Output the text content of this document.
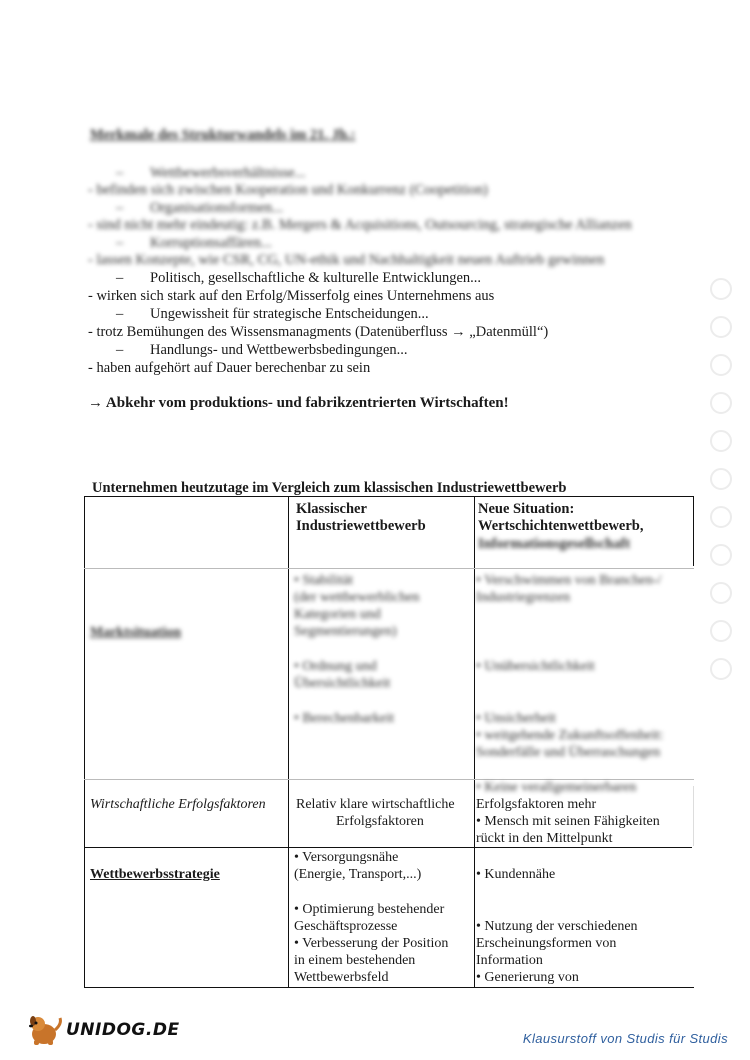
Merkmale des Strukturwandels im 21. Jh.:
– Wettbewerbsverhältnisse...
- befinden sich zwischen Kooperation und Konkurrenz (Coopetition)
– Organisationsformen...
- sind nicht mehr eindeutig: z.B. Mergers & Acquisitions, Outsourcing, strategische Allianzen
– Korruptionsaffären...
- lassen Konzepte, wie CSR, CG, UN-ethik und Nachhaltigkeit neuen Auftrieb gewinnen
– Politisch, gesellschaftliche & kulturelle Entwicklungen...
- wirken sich stark auf den Erfolg/Misserfolg eines Unternehmens aus
– Ungewissheit für strategische Entscheidungen...
- trotz Bemühungen des Wissensmanagments (Datenüberfluss → „Datenmüll“)
– Handlungs- und Wettbewerbsbedingungen...
- haben aufgehört auf Dauer berechenbar zu sein
→ Abkehr vom produktions- und fabrikzentrierten Wirtschaften!
Unternehmen heutzutage im Vergleich zum klassischen Industriewettbewerb
Klassischer
Industriewettbewerb
Neue Situation:
Wertschichtenwettbewerb,
Informationsgesellschaft
Marktsituation
• Stabilität
(der wettbewerblichen
Kategorien und
Segmentierungen)
• Ordnung und
Übersichtlichkeit
• Berechenbarkeit
• Verschwimmen von Branchen-/
Industriegrenzen
• Unübersichtlichkeit
• Unsicherheit
• weitgehende Zukunftsoffenheit:
Sonderfälle und Überraschungen
• Keine verallgemeinerbaren
Wirtschaftliche Erfolgsfaktoren Relativ klare wirtschaftliche
Erfolgsfaktoren
Erfolgsfaktoren mehr
• Mensch mit seinen Fähigkeiten
rückt in den Mittelpunkt
Wettbewerbsstrategie
• Versorgungsnähe
(Energie, Transport,...)
• Optimierung bestehender
Geschäftsprozesse
• Verbesserung der Position
in einem bestehenden
Wettbewerbsfeld
• Kundennähe
• Nutzung der verschiedenen
Erscheinungsformen von
Information
• Generierung von
UNIDOG.DE	Klausurstoff von Studis für Studis
